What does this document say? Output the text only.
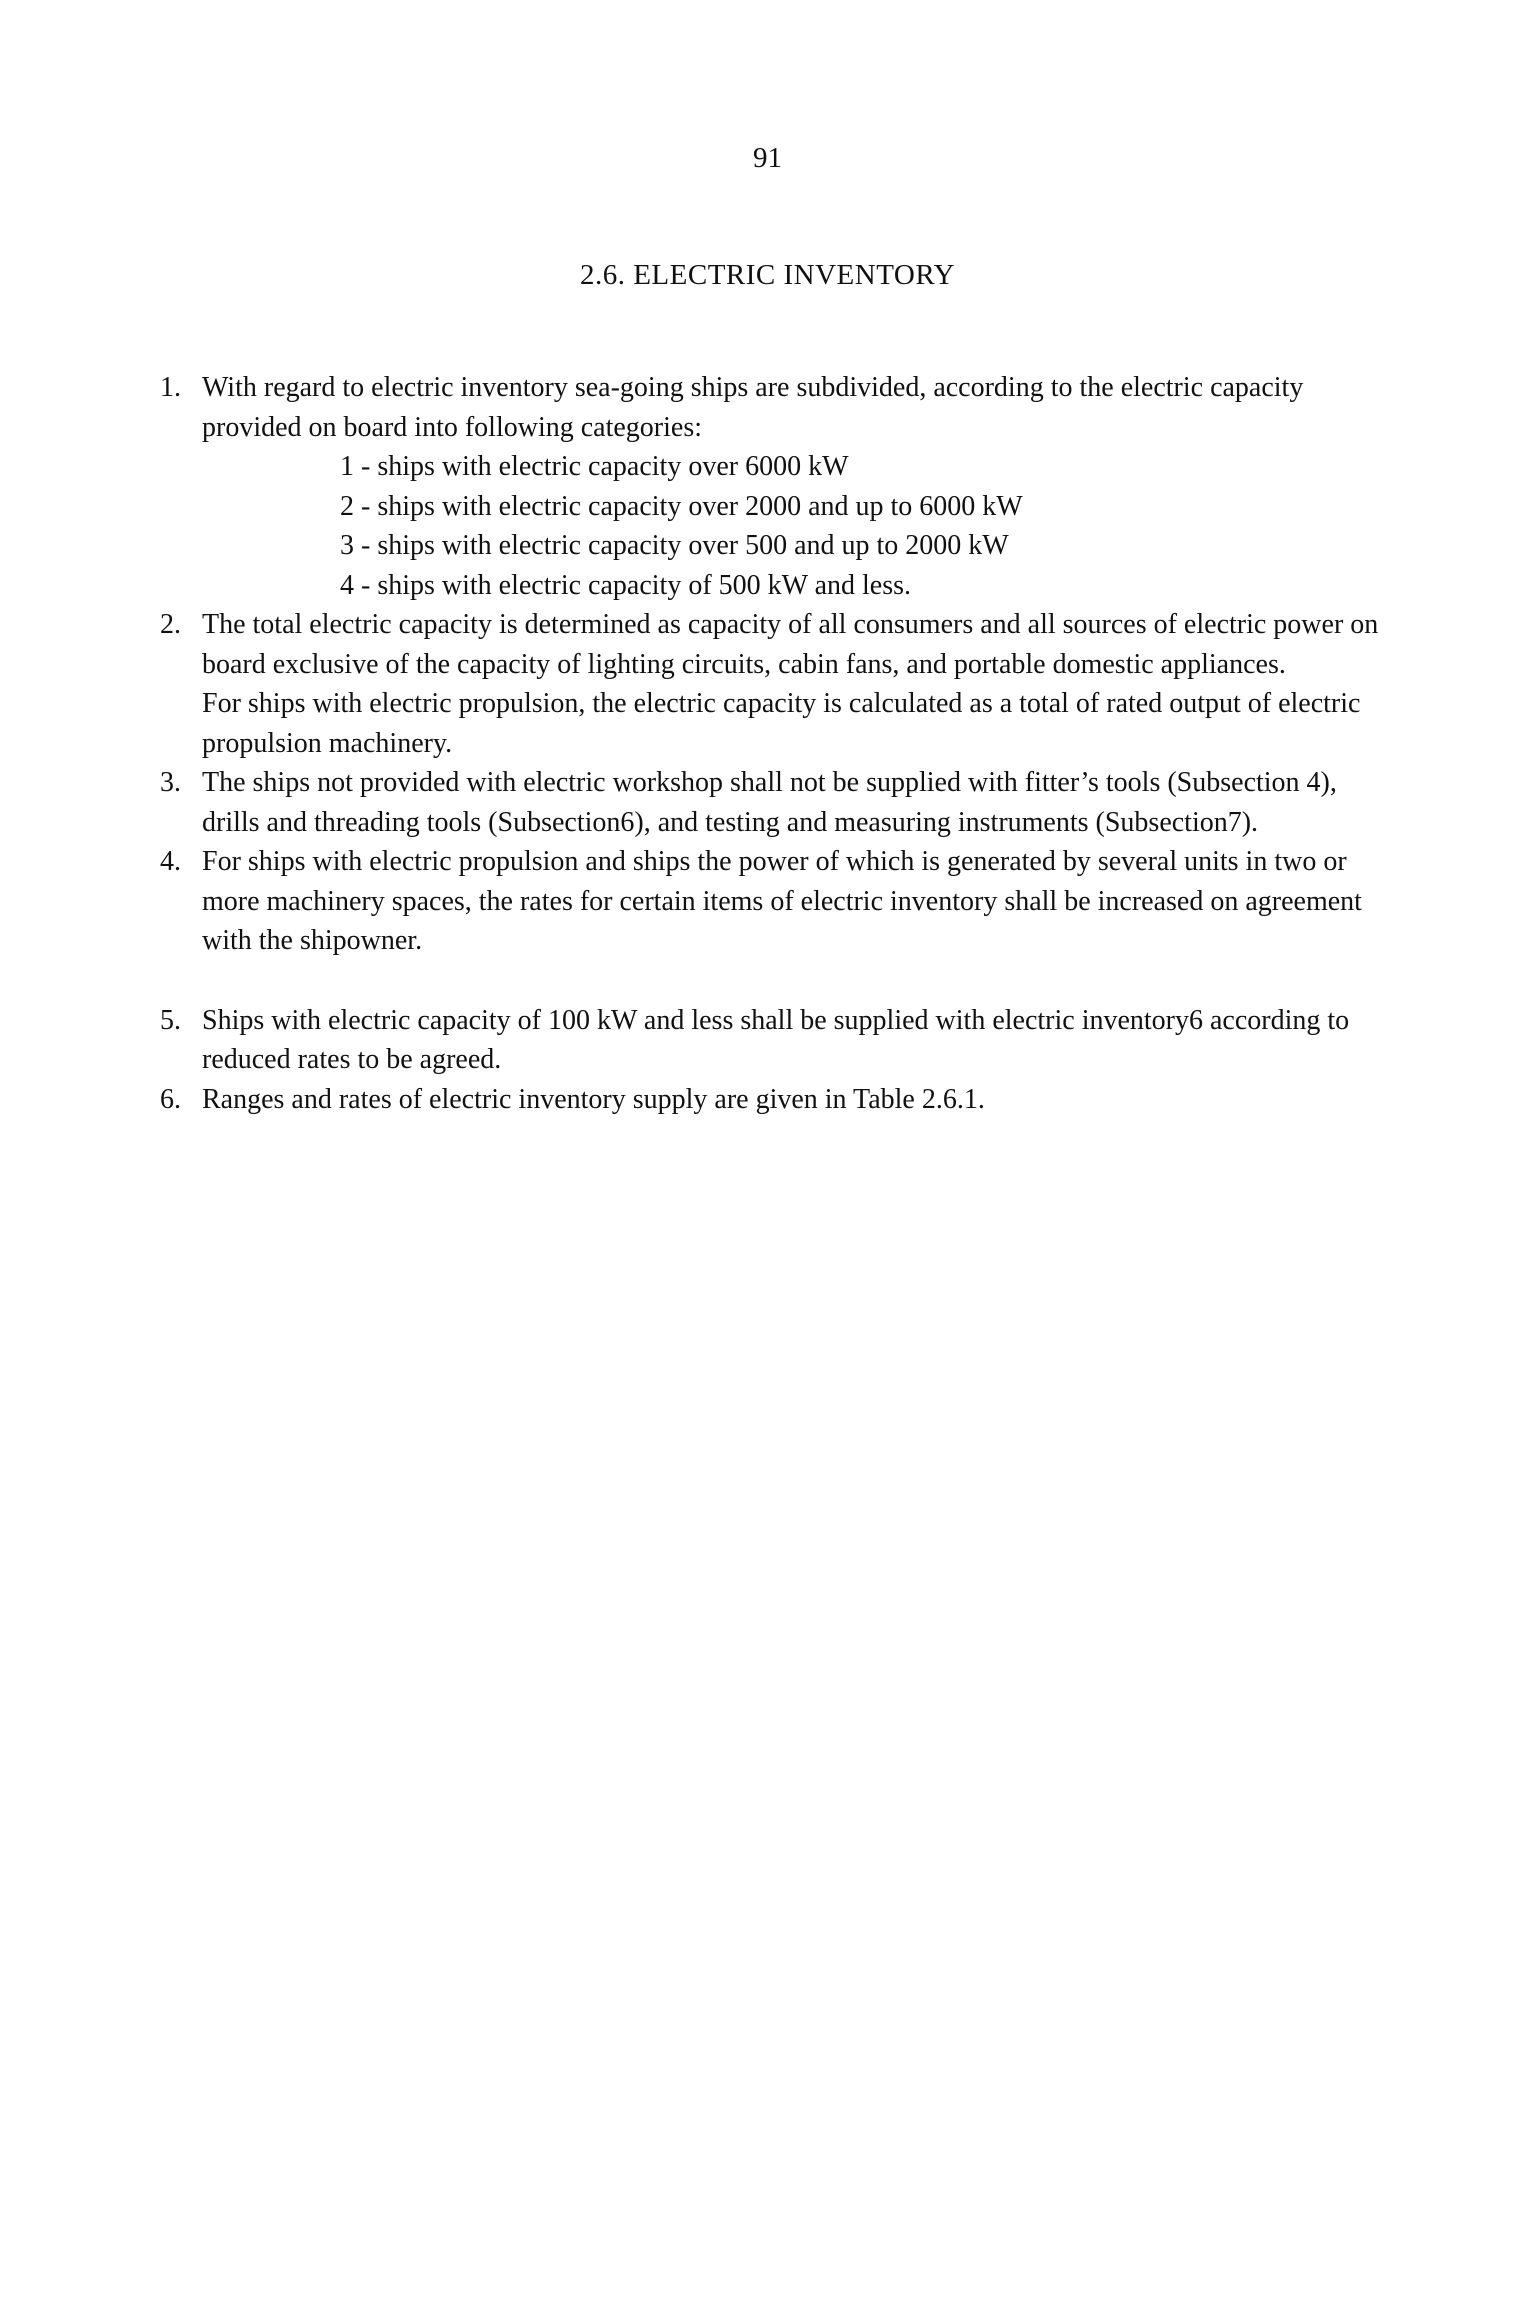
91
2.6. ELECTRIC INVENTORY
1. With regard to electric inventory sea-going ships are subdivided, according to the electric capacity provided on board into following categories:
1 - ships with electric capacity over 6000 kW
2 - ships with electric capacity over 2000 and up to 6000 kW
3 - ships with electric capacity over 500 and up to 2000 kW
4 - ships with electric capacity of 500 kW and less.
2. The total electric capacity is determined as capacity of all consumers and all sources of electric power on board exclusive of the capacity of lighting circuits, cabin fans, and portable domestic appliances.
For ships with electric propulsion, the electric capacity is calculated as a total of rated output of electric propulsion machinery.
3. The ships not provided with electric workshop shall not be supplied with fitter’s tools (Subsection 4), drills and threading tools (Subsection6), and testing and measuring instruments (Subsection7).
4. For ships with electric propulsion and ships the power of which is generated by several units in two or more machinery spaces, the rates for certain items of electric inventory shall be increased on agreement with the shipowner.
5. Ships with electric capacity of 100 kW and less shall be supplied with electric inventory6 according to reduced rates to be agreed.
6. Ranges and rates of electric inventory supply are given in Table 2.6.1.
